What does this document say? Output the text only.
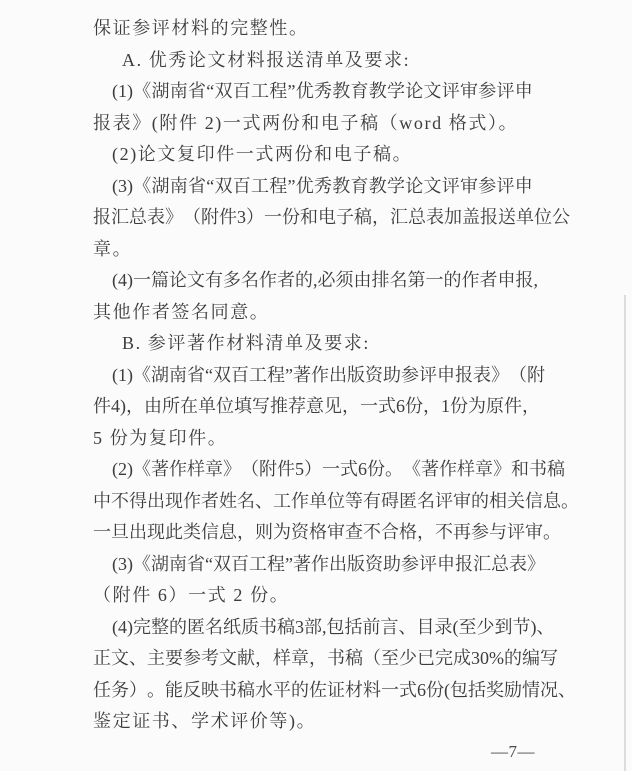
保证参评材料的完整性。
A. 优秀论文材料报送清单及要求:
(1) 《 湖 南 省 “ 双 百 工 程 ” 优 秀 教 育 教 学 论 文 评 审 参 评 申
报表》(附件 2)一式两份和电子稿（word 格式）。
(2)论文复印件一式两份和电子稿。
(3) 《 湖 南 省 “ 双 百 工 程 ” 优 秀 教 育 教 学 论 文 评 审 参 评 申
报 汇 总 表 》 （ 附 件 3 ） 一 份 和 电 子 稿 ， 汇 总 表 加 盖 报 送 单 位 公
章。
(4) 一 篇 论 文 有 多 名 作 者 的 , 必 须 由 排 名 第 一 的 作 者 申 报 ,
其他作者签名同意。
B. 参评著作材料清单及要求:
(1) 《 湖 南 省 “ 双 百 工 程 ” 著 作 出 版 资 助 参 评 申 报 表 》 （ 附
件 4) ， 由 所 在 单 位 填 写 推 荐 意 见 ， 一 式 6 份 ， 1 份 为 原 件 ，
5 份为复印件。
(2) 《 著 作 样 章 》 （ 附 件 5 ） 一 式 6 份 。 《 著 作 样 章 》 和 书 稿
中 不 得 出 现 作 者 姓 名 、 工 作 单 位 等 有 碍 匿 名 评 审 的 相 关 信 息 。
一 旦 出 现 此 类 信 息 ， 则 为 资 格 审 查 不 合 格 ， 不 再 参 与 评 审 。
(3) 《 湖 南 省 “ 双 百 工 程 ” 著 作 出 版 资 助 参 评 申 报 汇 总 表 》
（附件 6）一式 2 份。
(4) 完 整 的 匿 名 纸 质 书 稿 3 部 , 包 括 前 言 、 目 录 ( 至 少 到 节 ) 、
正 文 、 主 要 参 考 文 献 ， 样 章 ， 书 稿 （ 至 少 已 完 成 30% 的 编 写
任 务 ） 。 能 反 映 书 稿 水 平 的 佐 证 材 料 一 式 6 份 ( 包 括 奖 励 情 况 、
鉴定证书、学术评价等)。
—7—
